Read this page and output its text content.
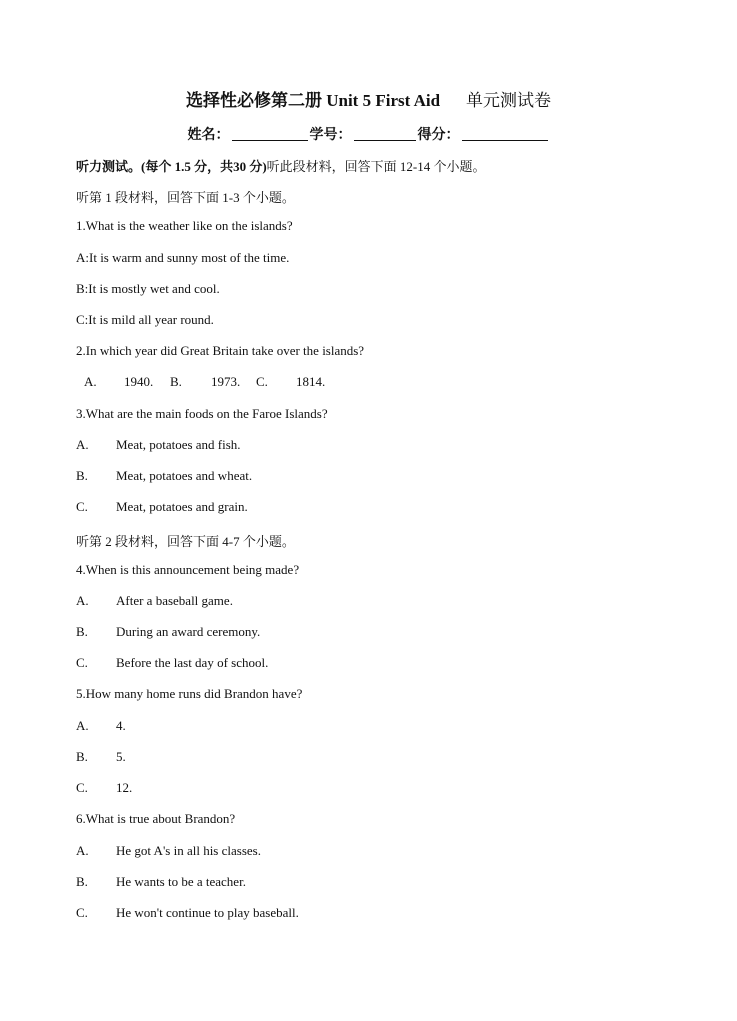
选择性必修第二册 Unit 5 First Aid 单元测试卷
姓名：	学号：	得分：
听力测试。(每个 1.5 分，共30 分)听此段材料，回答下面 12-14 个小题。
听第 1 段材料，回答下面 1-3 个小题。
1.What is the weather like on the islands?
A:It is warm and sunny most of the time.
B:It is mostly wet and cool.
C:It is mild all year round.
2.In which year did Great Britain take over the islands?
A. 1940. B. 1973. C. 1814.
3.What are the main foods on the Faroe Islands?
A. Meat, potatoes and fish.
B. Meat, potatoes and wheat.
C. Meat, potatoes and grain.
听第 2 段材料，回答下面 4-7 个小题。
4.When is this announcement being made?
A. After a baseball game.
B. During an award ceremony.
C. Before the last day of school.
5.How many home runs did Brandon have?
A. 4.
B. 5.
C. 12.
6.What is true about Brandon?
A. He got A's in all his classes.
B. He wants to be a teacher.
C. He won't continue to play baseball.
